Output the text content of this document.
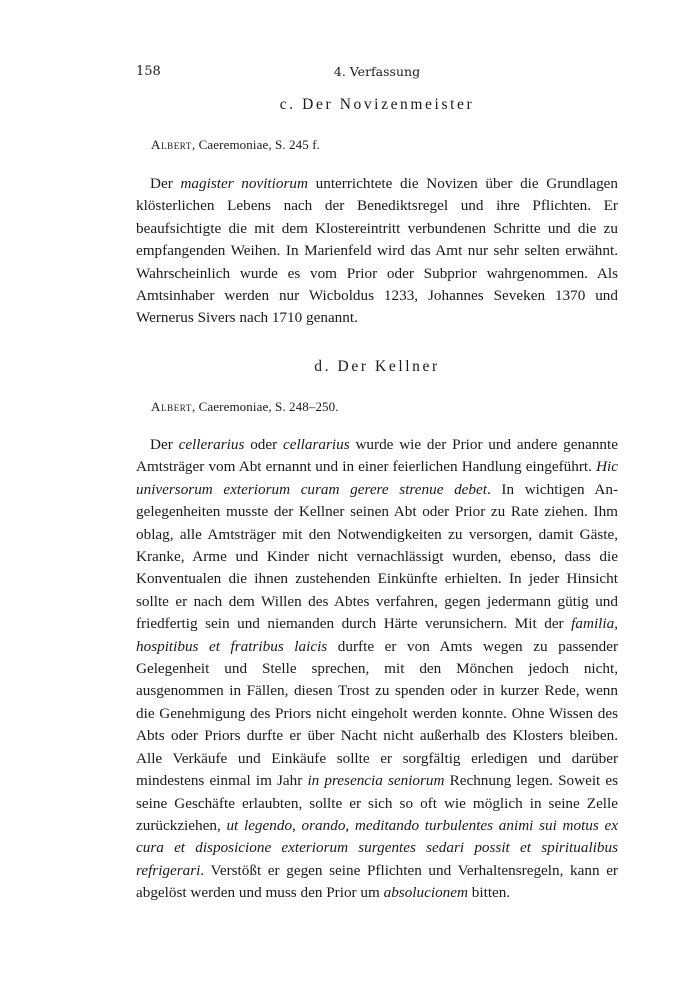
158	4. Verfassung
c. Der Novizenmeister
Albert, Caeremoniae, S. 245 f.

Der magister novitiorum unterrichtete die Novizen über die Grundlagen klösterlichen Lebens nach der Benediktsregel und ihre Pflichten. Er beaufsichtigte die mit dem Klostereintritt verbundenen Schritte und die zu empfangenden Weihen. In Marienfeld wird das Amt nur sehr selten erwähnt. Wahrscheinlich wurde es vom Prior oder Subprior wahrgenommen. Als Amtsinhaber werden nur Wicboldus 1233, Johannes Seveken 1370 und Wernerus Sivers nach 1710 genannt.

d. Der Kellner
Albert, Caeremoniae, S. 248–250.

Der cellerarius oder cellararius wurde wie der Prior und andere genannte Amtsträger vom Abt ernannt und in einer feierlichen Handlung eingeführt. Hic universorum exteriorum curam gerere strenue debet. In wichtigen Angelegenheiten musste der Kellner seinen Abt oder Prior zu Rate ziehen. Ihm oblag, alle Amtsträger mit den Notwendigkeiten zu versorgen, damit Gäste, Kranke, Arme und Kinder nicht vernachlässigt wurden, ebenso, dass die Konventualen die ihnen zustehenden Einkünfte erhielten. In jeder Hinsicht sollte er nach dem Willen des Abtes verfahren, gegen jedermann gütig und friedfertig sein und niemanden durch Härte verunsichern. Mit der familia, hospitibus et fratribus laicis durfte er von Amts wegen zu passender Gelegenheit und Stelle sprechen, mit den Mönchen jedoch nicht, ausgenommen in Fällen, diesen Trost zu spenden oder in kurzer Rede, wenn die Genehmigung des Priors nicht eingeholt werden konnte. Ohne Wissen des Abts oder Priors durfte er über Nacht nicht außerhalb des Klosters bleiben. Alle Verkäufe und Einkäufe sollte er sorgfältig erledigen und darüber mindestens einmal im Jahr in presencia seniorum Rechnung legen. Soweit es seine Geschäfte erlaubten, sollte er sich so oft wie möglich in seine Zelle zurückziehen, ut legendo, orando, meditando turbulentes animi sui motus ex cura et disposicione exteriorum surgentes sedari possit et spiritualibus refrigerari. Verstößt er gegen seine Pflichten und Verhaltensregeln, kann er abgelöst werden und muss den Prior um absolucionem bitten.
